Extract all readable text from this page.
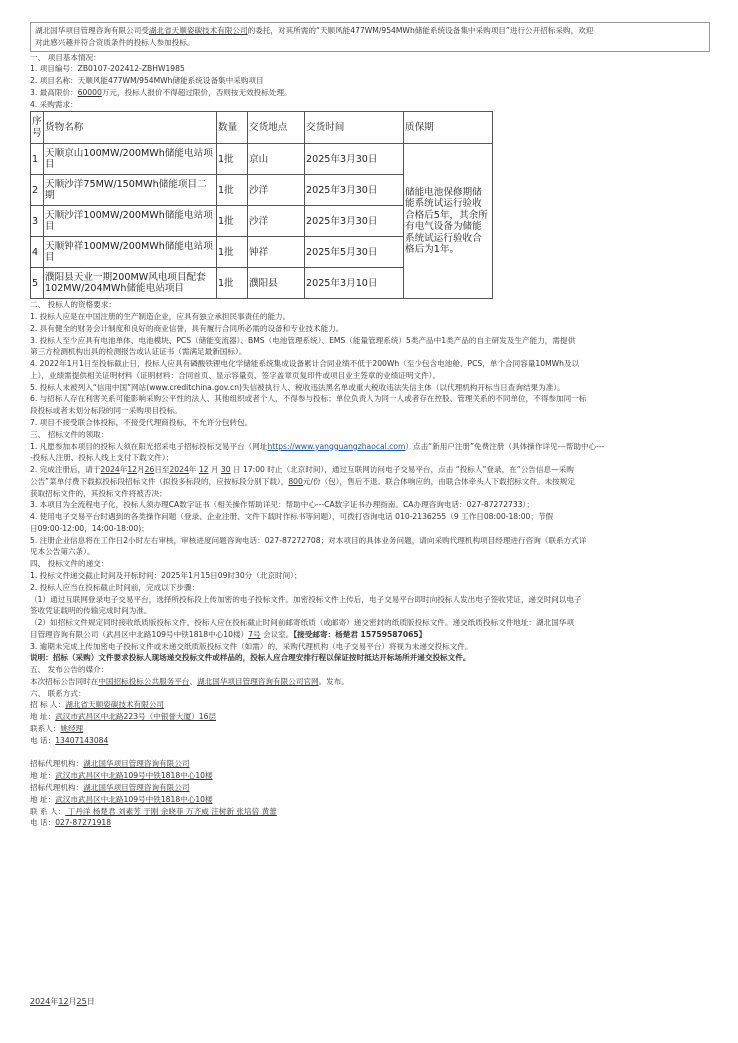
湖北国华项目管理咨询有限公司受湖北省天顺姿碳技术有限公司的委托，对其所需的“天顺风能477WM/954MWh储能系统设备集中采购项目”进行公开招标采购，欢迎
对此感兴趣并符合资质条件的投标人参加投标。
一、 项目基本情况：
1. 项目编号：ZB0107-202412-ZBHW1985
2. 项目名称：天顺风能477WM/954MWh储能系统设备集中采购项目
3. 最高限价：60000万元，投标人报价不得超过限价，否则按无效投标处理。
4. 采购需求：
序号	货物名称	数量	交货地点	交货时间	质保期
1	天顺京山100MW/200MWh储能电站项目	1批	京山	2025年3月30日	储能电池保修期储能系统试运行验收合格后5年，其余所有电气设备为储能系统试运行验收合格后为1年。
2	天顺沙洋75MW/150MWh储能项目二期	1批	沙洋	2025年3月30日	
3	天顺沙洋100MW/200MWh储能电站项目	1批	沙洋	2025年3月30日	
4	天顺钟祥100MW/200MWh储能电站项目	1批	钟祥	2025年5月30日	
5	濮阳县天业一期200MW风电项目配套102MW/204MWh储能电站项目	1批	濮阳县	2025年3月10日	
二、 投标人的资格要求：
1. 投标人应是在中国注册的生产制造企业，应具有独立承担民事责任的能力。
2. 具有健全的财务会计制度和良好的商业信誉，具有履行合同所必需的设备和专业技术能力。
3. 投标人至少应具有电池单体、电池模块、PCS（储能变流器）、BMS（电池管理系统）、EMS（能量管理系统）5类产品中1类产品的自主研发及生产能力，需提供
第三方检测机构出具的检测报告或认证证书（需满足最新国标）。
4. 2022年1月1日至投标截止日，投标人应具有磷酸铁锂电化学储能系统集成设备累计合同业绩不低于200Wh（至少包含电池舱、PCS，单个合同容量10MWh及以
上），业绩需提供相关证明材料（证明材料：合同首页、显示容量页、签字盖章页复印件或项目业主签章的业绩证明文件）。
5. 投标人未被列入“信用中国”网站(www.creditchina.gov.cn)失信被执行人、税收违法黑名单或重大税收违法失信主体（以代理机构开标当日查询结果为准）。
6. 与招标人存在利害关系可能影响采购公平性的法人、其他组织或者个人，不得参与投标；单位负责人为同一人或者存在控股、管理关系的不同单位，不得参加同一标
段投标或者未划分标段的同一采购项目投标。
7. 项目不接受联合体投标，不接受代理商投标，不允许分包转包。
三、 招标文件的领取：
1. 凡愿参加本项目的投标人须在阳光招采电子招标投标交易平台（网址https://www.yangguangzhaocai.com）点击“新用户注册”免费注册（具体操作详见---帮助中心---
-投标人注册、投标人线上支付下载文件）；
2. 完成注册后，请于2024年12月26日至2024年 12 月 30 日 17:00 时止（北京时间），通过互联网访问电子交易平台，点击 “投标人”登录，在“公告信息—采购
公告”菜单付费下载拟投标段招标文件（拟投多标段的，应按标段分别下载），800元/份（包），售后不退。联合体响应的，由联合体牵头人下载招标文件。未按规定
获取招标文件的，其投标文件将被否决；
3. 本项目为全流程电子化，投标人须办理CA数字证书（相关操作帮助详见：帮助中心---CA数字证书办理指南。CA办理咨询电话：027-87272733）；
4. 使用电子交易平台时遇到的各类操作问题（登录、企业注册、文件下载时作标书等问题），可拨打咨询电话 010-2136255（9 工作日08:00-18:00；节假
日09:00-12:00，14:00-18:00)；
5. 注册企业信息将在工作日2小时左右审核，审核进度问题咨询电话：027-87272708；对本项目的具体业务问题，请向采购代理机构项目经理进行咨询（联系方式详
见本公告第六条）。
四、 投标文件的递交：
1. 投标文件递交截止时间及开标时间：2025年1月15日09时30分（北京时间）；
2. 投标人应当在投标截止时间前，完成以下步骤：
（1）通过互联网登录电子交易平台，选择所投标段上传加密的电子投标文件。加密投标文件上传后，电子交易平台即时向投标人发出电子签收凭证，递交时间以电子
签收凭证载明的传输完成时间为准。
（2）如招标文件规定同时接收纸质版投标文件，投标人应在投标截止时间前邮寄纸质（或邮寄）递交密封的纸质版投标文件。递交纸质投标文件地址：湖北国华项
目管理咨询有限公司（武昌区中北路109号中铁1818中心10楼）7号 会议室。【接受邮寄：杨楚君 15759587065】
3. 逾期未完成上传加密电子投标文件或未递交纸质版投标文件（如需）的，采购代理机构（电子交易平台）将视为未递交投标文件。
说明：招标（采购）文件要求投标人现场递交投标文件或样品的，投标人应合理安排行程以保证按时抵达开标场所并递交投标文件。
五、 发布公告的媒介：
本次招标公告同时在中国招标投标公共服务平台、湖北国华项目管理咨询有限公司官网。发布。
六、 联系方式：
招 标 人：湖北省天顺姿碳技术有限公司
地 址：武汉市武昌区中北路223号（中银誉大厦）16层
联系人：姚经理
电 话：13407143084
招标代理机构：湖北国华项目管理咨询有限公司
地 址：武汉市武昌区中北路109号中铁1818中心10楼
招标代理机构：湖北国华项目管理咨询有限公司
地 址：武汉市武昌区中北路109号中铁1818中心10楼
联 系 人： 丁丹洋 杨楚君 刘素芳 于刚 余晓菲 万齐威 汪树新 张培倍 黄蕾
电 话：027-87271918
2024年12月25日
